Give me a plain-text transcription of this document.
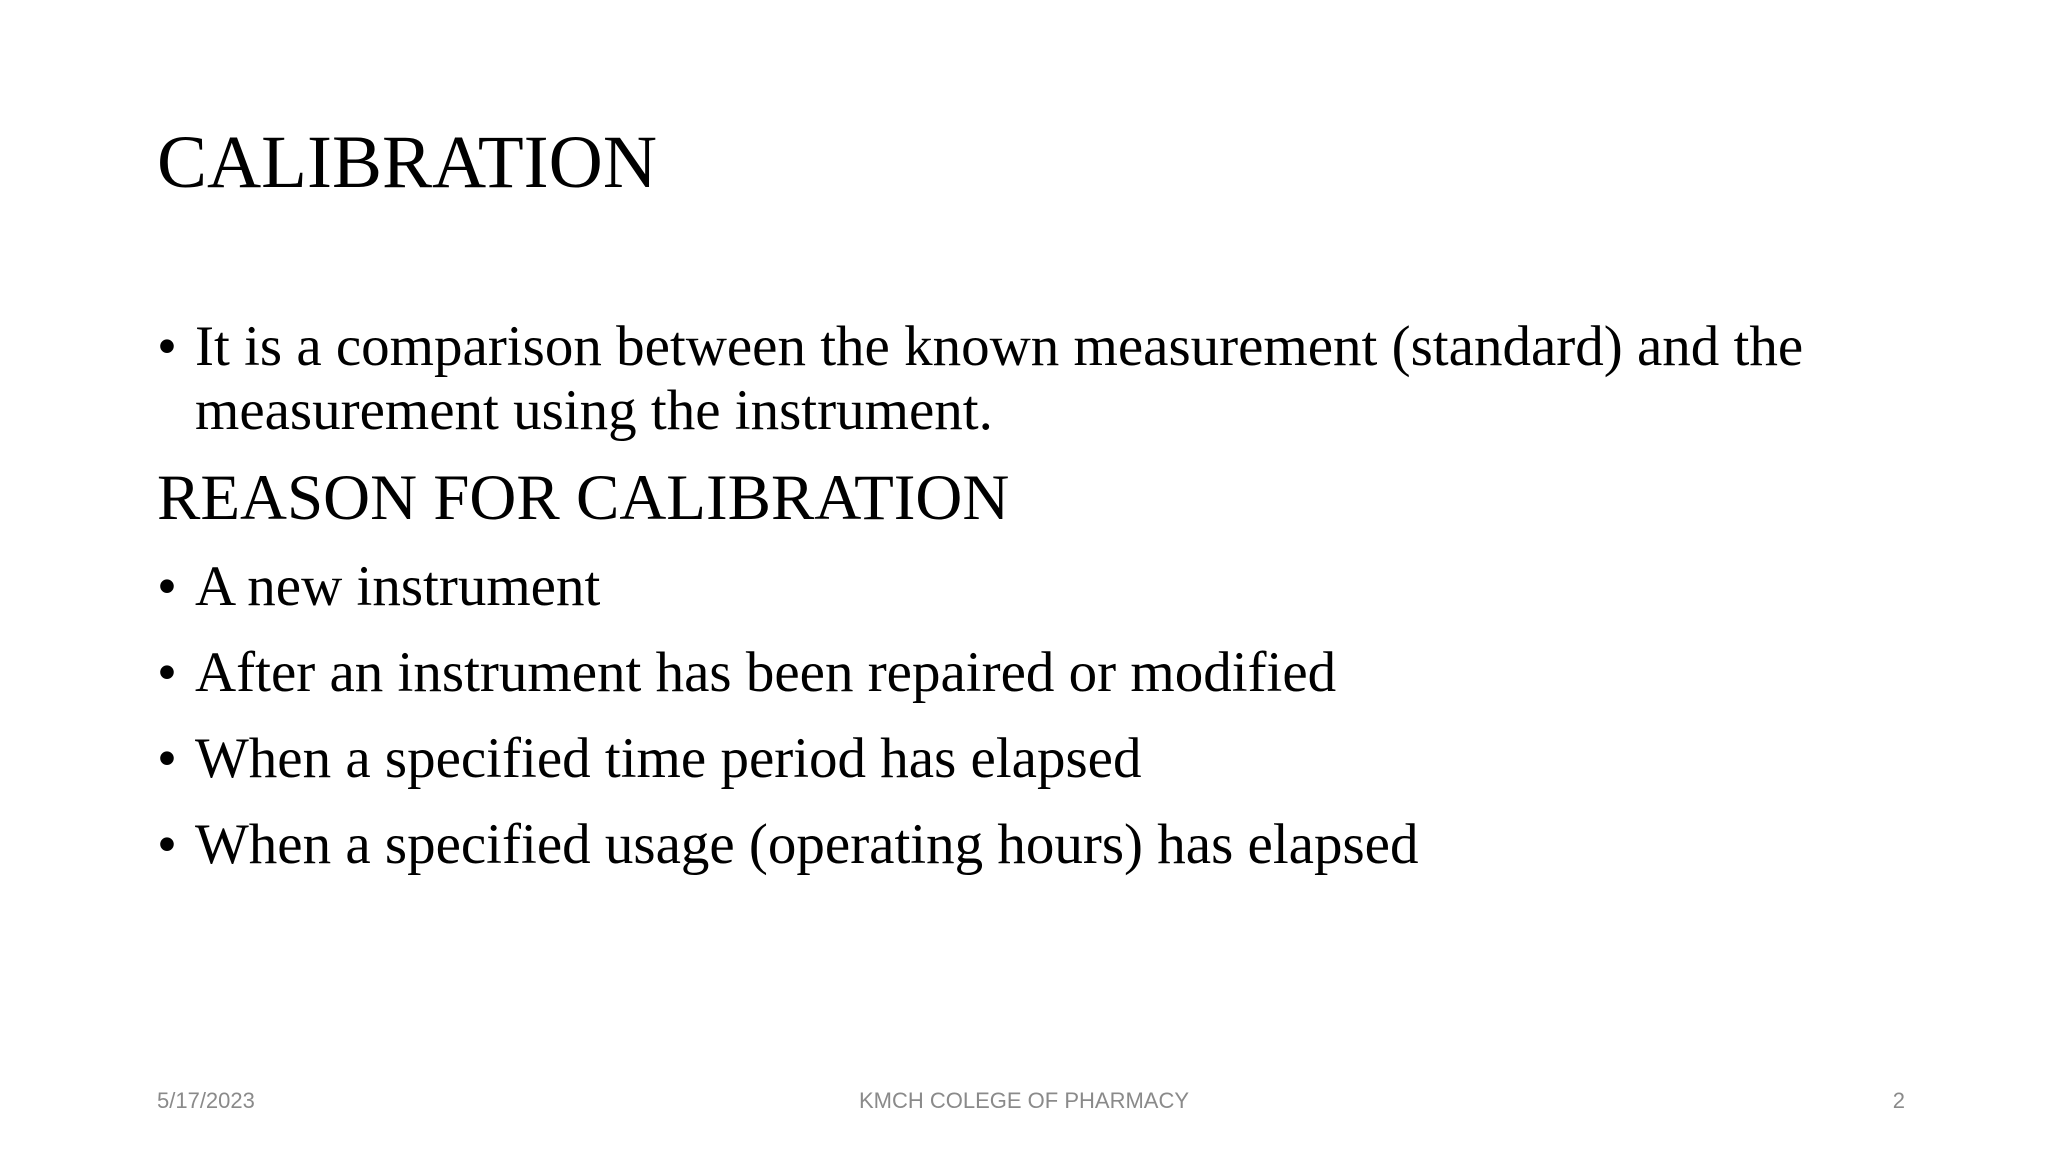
CALIBRATION
• It is a comparison between the known measurement (standard) and the
measurement using the instrument.
REASON FOR CALIBRATION
• A new instrument
• After an instrument has been repaired or modified
• When a specified time period has elapsed
• When a specified usage (operating hours) has elapsed
5/17/2023	KMCH COLEGE OF PHARMACY	2
